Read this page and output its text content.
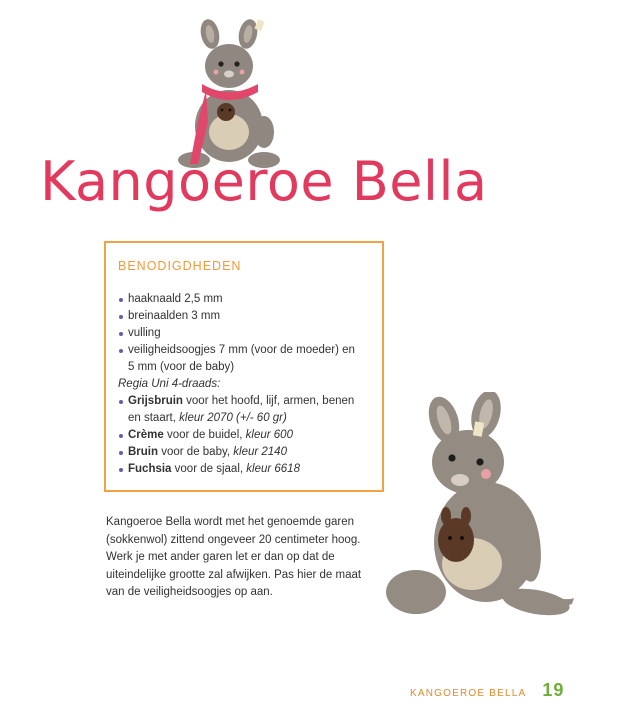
Kangoeroe Bella
BENODIGDHEDEN
haaknaald 2,5 mm
breinaalden 3 mm
vulling
veiligheidsoogjes 7 mm (voor de moeder) en
5 mm (voor de baby)
Regia Uni 4-draads:
Grijsbruin voor het hoofd, lijf, armen, benen
en staart, kleur 2070 (+/- 60 gr)
Crème voor de buidel, kleur 600
Bruin voor de baby, kleur 2140
Fuchsia voor de sjaal, kleur 6618

Kangoeroe Bella wordt met het genoemde garen (sokkenwol) zittend ongeveer 20 centimeter hoog. Werk je met ander garen let er dan op dat de uiteindelijke grootte zal afwijken. Pas hier de maat van de veiligheidsoogjes op aan.

KANGOEROE BELLA 19
